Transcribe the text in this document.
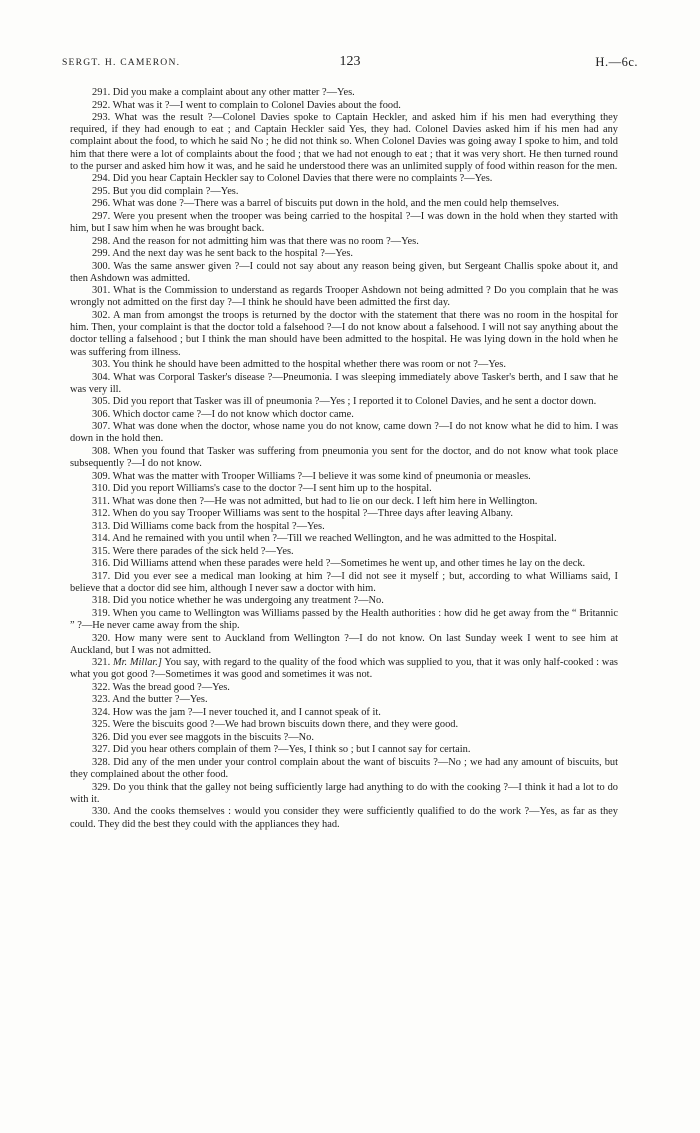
SERGT. H. CAMERON.	123	H.—6c.

291. Did you make a complaint about any other matter ?—Yes.

292. What was it ?—I went to complain to Colonel Davies about the food.

293. What was the result ?—Colonel Davies spoke to Captain Heckler, and asked him if his men had everything they required, if they had enough to eat ; and Captain Heckler said Yes, they had. Colonel Davies asked him if his men had any complaint about the food, to which he said No ; he did not think so. When Colonel Davies was going away I spoke to him, and told him that there were a lot of complaints about the food ; that we had not enough to eat ; that it was very short. He then turned round to the purser and asked him how it was, and he said he understood there was an unlimited supply of food within reason for the men.

294. Did you hear Captain Heckler say to Colonel Davies that there were no complaints ?—Yes.

295. But you did complain ?—Yes.

296. What was done ?—There was a barrel of biscuits put down in the hold, and the men could help themselves.

297. Were you present when the trooper was being carried to the hospital ?—I was down in the hold when they started with him, but I saw him when he was brought back.

298. And the reason for not admitting him was that there was no room ?—Yes.

299. And the next day was he sent back to the hospital ?—Yes.

300. Was the same answer given ?—I could not say about any reason being given, but Sergeant Challis spoke about it, and then Ashdown was admitted.

301. What is the Commission to understand as regards Trooper Ashdown not being admitted ? Do you complain that he was wrongly not admitted on the first day ?—I think he should have been admitted the first day.

302. A man from amongst the troops is returned by the doctor with the statement that there was no room in the hospital for him. Then, your complaint is that the doctor told a falsehood ?—I do not know about a falsehood. I will not say anything about the doctor telling a falsehood ; but I think the man should have been admitted to the hospital. He was lying down in the hold when he was suffering from illness.

303. You think he should have been admitted to the hospital whether there was room or not ?—Yes.

304. What was Corporal Tasker's disease ?—Pneumonia. I was sleeping immediately above Tasker's berth, and I saw that he was very ill.

305. Did you report that Tasker was ill of pneumonia ?—Yes ; I reported it to Colonel Davies, and he sent a doctor down.

306. Which doctor came ?—I do not know which doctor came.

307. What was done when the doctor, whose name you do not know, came down ?—I do not know what he did to him. I was down in the hold then.

308. When you found that Tasker was suffering from pneumonia you sent for the doctor, and do not know what took place subsequently ?—I do not know.

309. What was the matter with Trooper Williams ?—I believe it was some kind of pneumonia or measles.

310. Did you report Williams's case to the doctor ?—I sent him up to the hospital.

311. What was done then ?—He was not admitted, but had to lie on our deck. I left him here in Wellington.

312. When do you say Trooper Williams was sent to the hospital ?—Three days after leaving Albany.

313. Did Williams come back from the hospital ?—Yes.

314. And he remained with you until when ?—Till we reached Wellington, and he was admitted to the Hospital.

315. Were there parades of the sick held ?—Yes.

316. Did Williams attend when these parades were held ?—Sometimes he went up, and other times he lay on the deck.

317. Did you ever see a medical man looking at him ?—I did not see it myself ; but, according to what Williams said, I believe that a doctor did see him, although I never saw a doctor with him.

318. Did you notice whether he was undergoing any treatment ?—No.

319. When you came to Wellington was Williams passed by the Health authorities : how did he get away from the “ Britannic ” ?—He never came away from the ship.

320. How many were sent to Auckland from Wellington ?—I do not know. On last Sunday week I went to see him at Auckland, but I was not admitted.

321. Mr. Millar.] You say, with regard to the quality of the food which was supplied to you, that it was only half-cooked : was what you got good ?—Sometimes it was good and sometimes it was not.

322. Was the bread good ?—Yes.

323. And the butter ?—Yes.

324. How was the jam ?—I never touched it, and I cannot speak of it.

325. Were the biscuits good ?—We had brown biscuits down there, and they were good.

326. Did you ever see maggots in the biscuits ?—No.

327. Did you hear others complain of them ?—Yes, I think so ; but I cannot say for certain.

328. Did any of the men under your control complain about the want of biscuits ?—No ; we had any amount of biscuits, but they complained about the other food.

329. Do you think that the galley not being sufficiently large had anything to do with the cooking ?—I think it had a lot to do with it.

330. And the cooks themselves : would you consider they were sufficiently qualified to do the work ?—Yes, as far as they could. They did the best they could with the appliances they had.
